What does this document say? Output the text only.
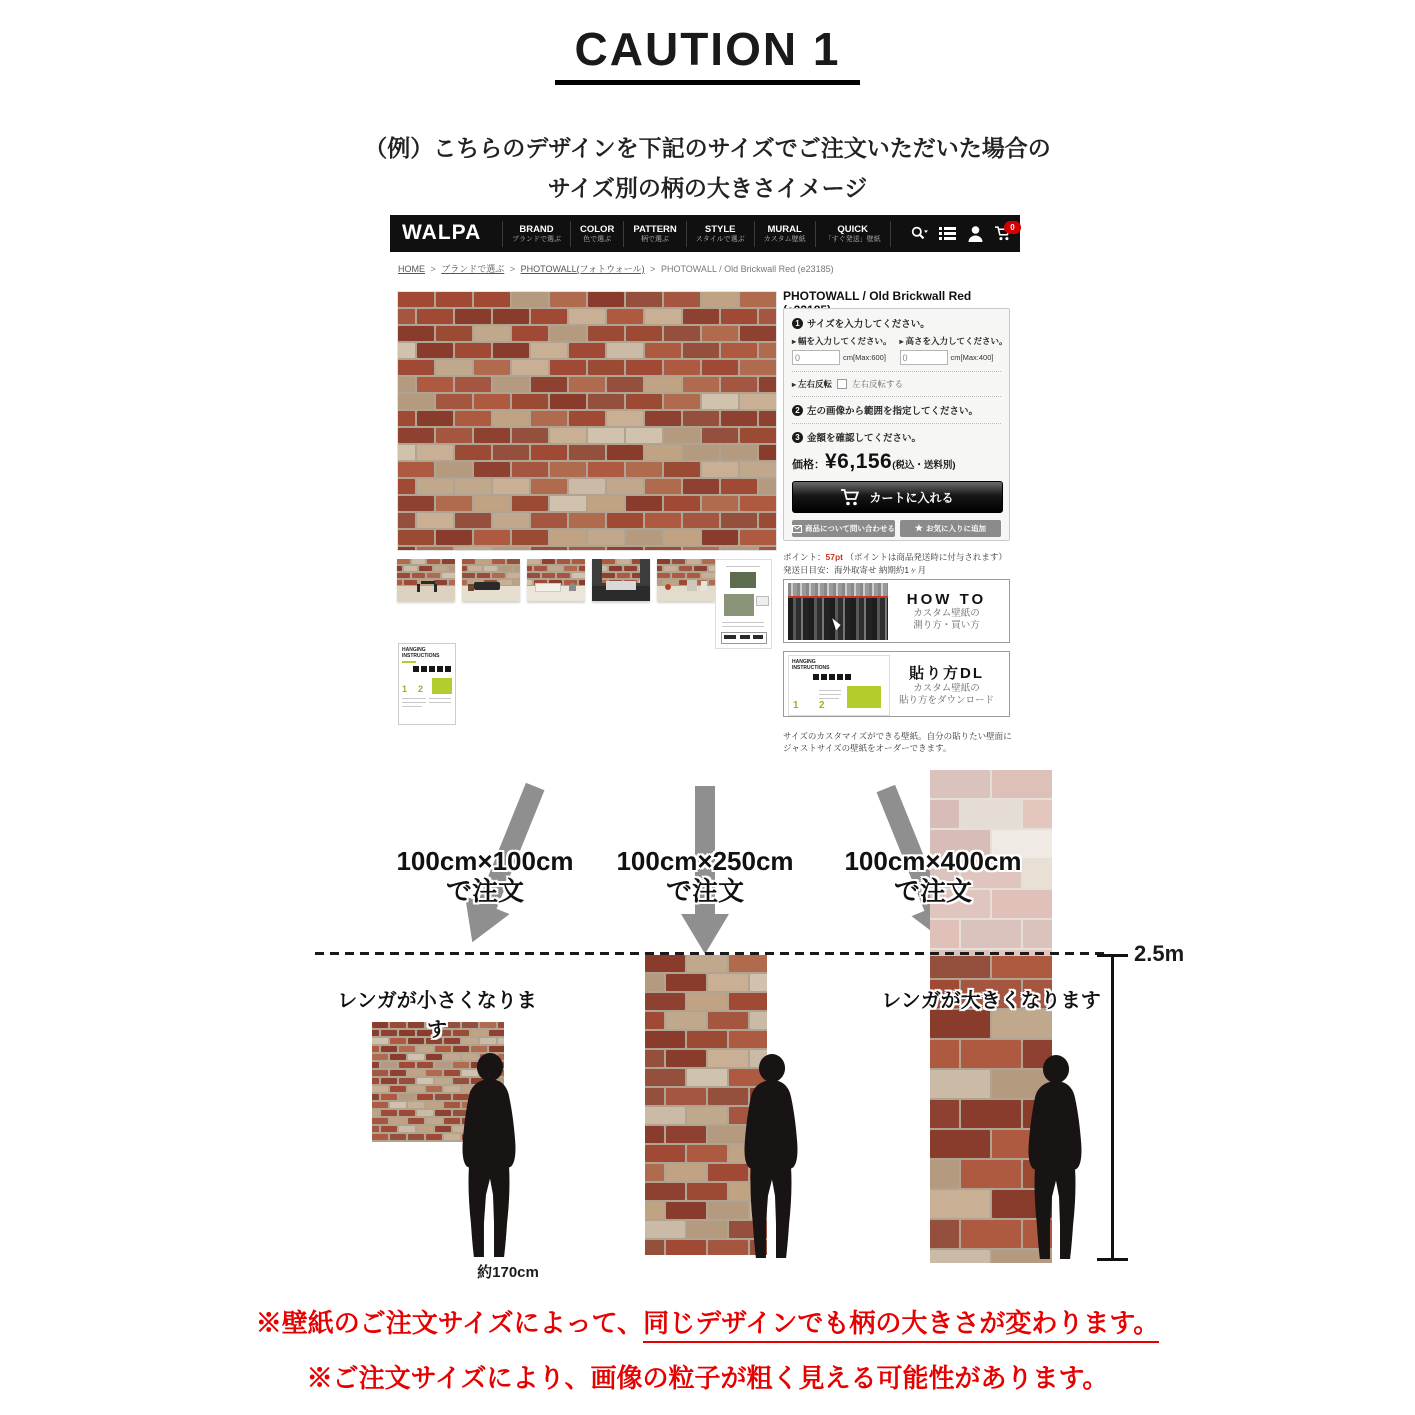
CAUTION 1
（例）こちらのデザインを下記のサイズでご注文いただいた場合の
サイズ別の柄の大きさイメージ
WALPA	BRAND
ブランドで選ぶ
COLOR
色で選ぶ
PATTERN
柄で選ぶ
STYLE
スタイルで選ぶ
MURAL
カスタム壁紙
QUICK
「すぐ発送」壁紙
0
HOME > ブランドで選ぶ > PHOTOWALL(フォトウォール) > PHOTOWALL / Old Brickwall Red (e23185)
PHOTOWALL / Old Brickwall Red
1 サイズを入力してください。
▸ 幅を入力してください。
0
cm[Max:600]
▸ 高さを入力してください。
0
cm[Max:400]
▸ 左右反転 左右反転する
2 左の画像から範囲を指定してください。
3 金額を確認してください。
価格： ¥6,156 (税込・送料別)
カートに入れる
商品について問い合わせる ★ お気に入りに追加
ポイント：57pt （ポイントは商品発送時に付与されます）
発送日目安：海外取寄せ 納期約1ヶ月
HOW TO
カスタム壁紙の
測り方・買い方
HANGING
INSTRUCTIONS
1 2
貼り方DL
カスタム壁紙の
貼り方をダウンロード
サイズのカスタマイズができる壁紙。自分の貼りたい壁面にジャストサイズの壁紙をオーダーできます。
HANGING
INSTRUCTIONS
1 2
100cm×100cm
で注文
100cm×250cm
で注文
100cm×400cm
で注文
レンガが小さくなります
レンガが大きくなります
2.5m
約170cm
※壁紙のご注文サイズによって、同じデザインでも柄の大きさが変わります。
※ご注文サイズにより、画像の粒子が粗く見える可能性があります。
